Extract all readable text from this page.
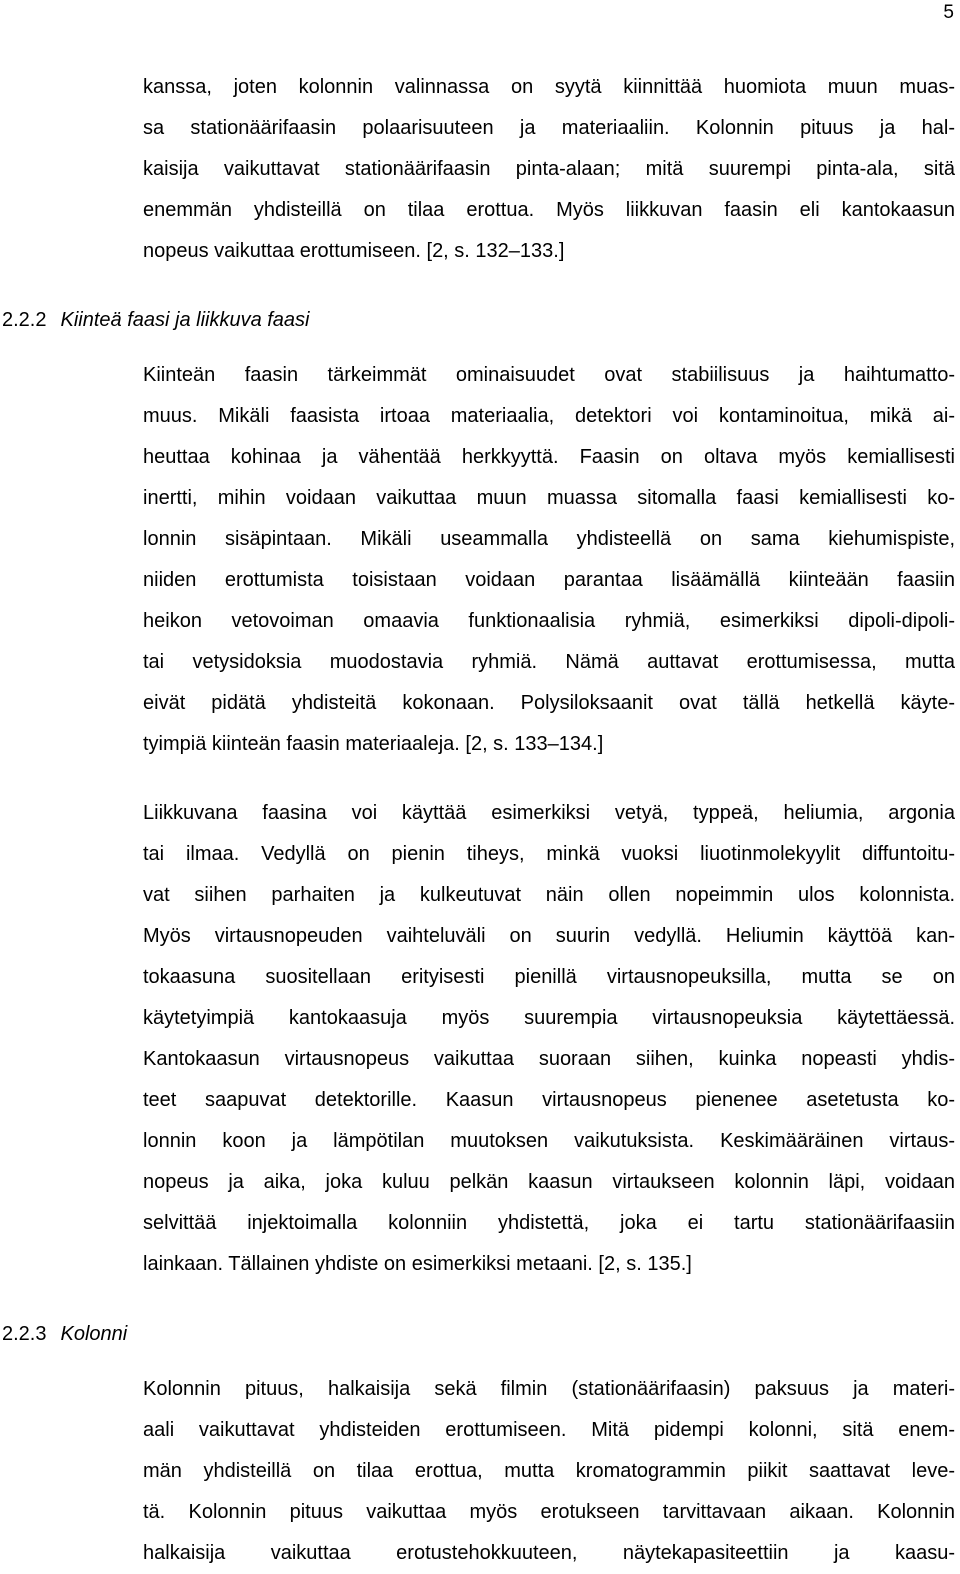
5
kanssa, joten kolonnin valinnassa on syytä kiinnittää huomiota muun muas-
sa stationäärifaasin polaarisuuteen ja materiaaliin. Kolonnin pituus ja hal-
kaisija vaikuttavat stationäärifaasin pinta-alaan; mitä suurempi pinta-ala, sitä
enemmän yhdisteillä on tilaa erottua. Myös liikkuvan faasin eli kantokaasun
nopeus vaikuttaa erottumiseen. [2, s. 132–133.]
2.2.2 Kiinteä faasi ja liikkuva faasi
Kiinteän faasin tärkeimmät ominaisuudet ovat stabiilisuus ja haihtumatto-
muus. Mikäli faasista irtoaa materiaalia, detektori voi kontaminoitua, mikä ai-
heuttaa kohinaa ja vähentää herkkyyttä. Faasin on oltava myös kemiallisesti
inertti, mihin voidaan vaikuttaa muun muassa sitomalla faasi kemiallisesti ko-
lonnin sisäpintaan. Mikäli useammalla yhdisteellä on sama kiehumispiste,
niiden erottumista toisistaan voidaan parantaa lisäämällä kiinteään faasiin
heikon vetovoiman omaavia funktionaalisia ryhmiä, esimerkiksi dipoli-dipoli-
tai vetysidoksia muodostavia ryhmiä. Nämä auttavat erottumisessa, mutta
eivät pidätä yhdisteitä kokonaan. Polysiloksaanit ovat tällä hetkellä käyte-
tyimpiä kiinteän faasin materiaaleja. [2, s. 133–134.]
Liikkuvana faasina voi käyttää esimerkiksi vetyä, typpeä, heliumia, argonia
tai ilmaa. Vedyllä on pienin tiheys, minkä vuoksi liuotinmolekyylit diffuntoitu-
vat siihen parhaiten ja kulkeutuvat näin ollen nopeimmin ulos kolonnista.
Myös virtausnopeuden vaihteluväli on suurin vedyllä. Heliumin käyttöä kan-
tokaasuna suositellaan erityisesti pienillä virtausnopeuksilla, mutta se on
käytetyimpiä kantokaasuja myös suurempia virtausnopeuksia käytettäessä.
Kantokaasun virtausnopeus vaikuttaa suoraan siihen, kuinka nopeasti yhdis-
teet saapuvat detektorille. Kaasun virtausnopeus pienenee asetetusta ko-
lonnin koon ja lämpötilan muutoksen vaikutuksista. Keskimääräinen virtaus-
nopeus ja aika, joka kuluu pelkän kaasun virtaukseen kolonnin läpi, voidaan
selvittää injektoimalla kolonniin yhdistettä, joka ei tartu stationäärifaasiin
lainkaan. Tällainen yhdiste on esimerkiksi metaani. [2, s. 135.]
2.2.3 Kolonni
Kolonnin pituus, halkaisija sekä filmin (stationäärifaasin) paksuus ja materi-
aali vaikuttavat yhdisteiden erottumiseen. Mitä pidempi kolonni, sitä enem-
män yhdisteillä on tilaa erottua, mutta kromatogrammin piikit saattavat leve-
tä. Kolonnin pituus vaikuttaa myös erotukseen tarvittavaan aikaan. Kolonnin
halkaisija vaikuttaa erotustehokkuuteen, näytekapasiteettiin ja kaasu-
